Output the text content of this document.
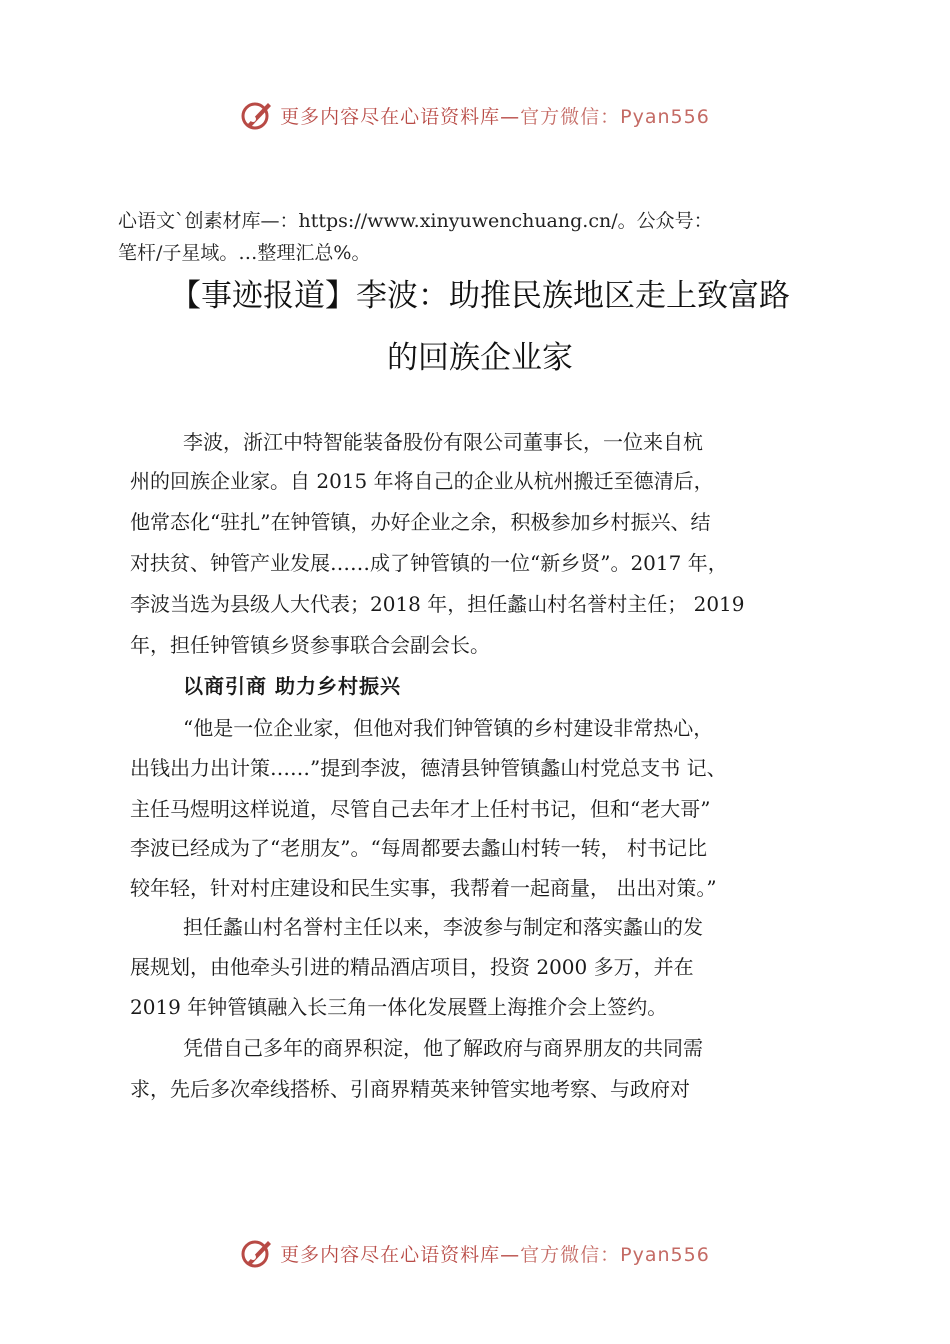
更多内容尽在心语资料库—官方微信：Pyan556
心语文`创素材库—：https://www.xinyuwenchuang.cn/。公众号：
笔杆/子星域。…整理汇总%。
【事迹报道】李波：助推民族地区走上致富路
的回族企业家
李波，浙江中特智能装备股份有限公司董事长，一位来自杭
州的回族企业家。自 2015 年将自己的企业从杭州搬迁至德清后，
他常态化“驻扎”在钟管镇，办好企业之余，积极参加乡村振兴、结
对扶贫、钟管产业发展……成了钟管镇的一位“新乡贤”。2017 年，
李波当选为县级人大代表；2018 年，担任蠡山村名誉村主任； 2019
年，担任钟管镇乡贤参事联合会副会长。
以商引商 助力乡村振兴
“他是一位企业家，但他对我们钟管镇的乡村建设非常热心，
出钱出力出计策……”提到李波，德清县钟管镇蠡山村党总支书 记、
主任马煜明这样说道，尽管自己去年才上任村书记，但和“老大哥”
李波已经成为了“老朋友”。“每周都要去蠡山村转一转， 村书记比
较年轻，针对村庄建设和民生实事，我帮着一起商量， 出出对策。”
担任蠡山村名誉村主任以来，李波参与制定和落实蠡山的发
展规划，由他牵头引进的精品酒店项目，投资 2000 多万，并在
2019 年钟管镇融入长三角一体化发展暨上海推介会上签约。
凭借自己多年的商界积淀，他了解政府与商界朋友的共同需
求，先后多次牵线搭桥、引商界精英来钟管实地考察、与政府对
更多内容尽在心语资料库—官方微信：Pyan556
